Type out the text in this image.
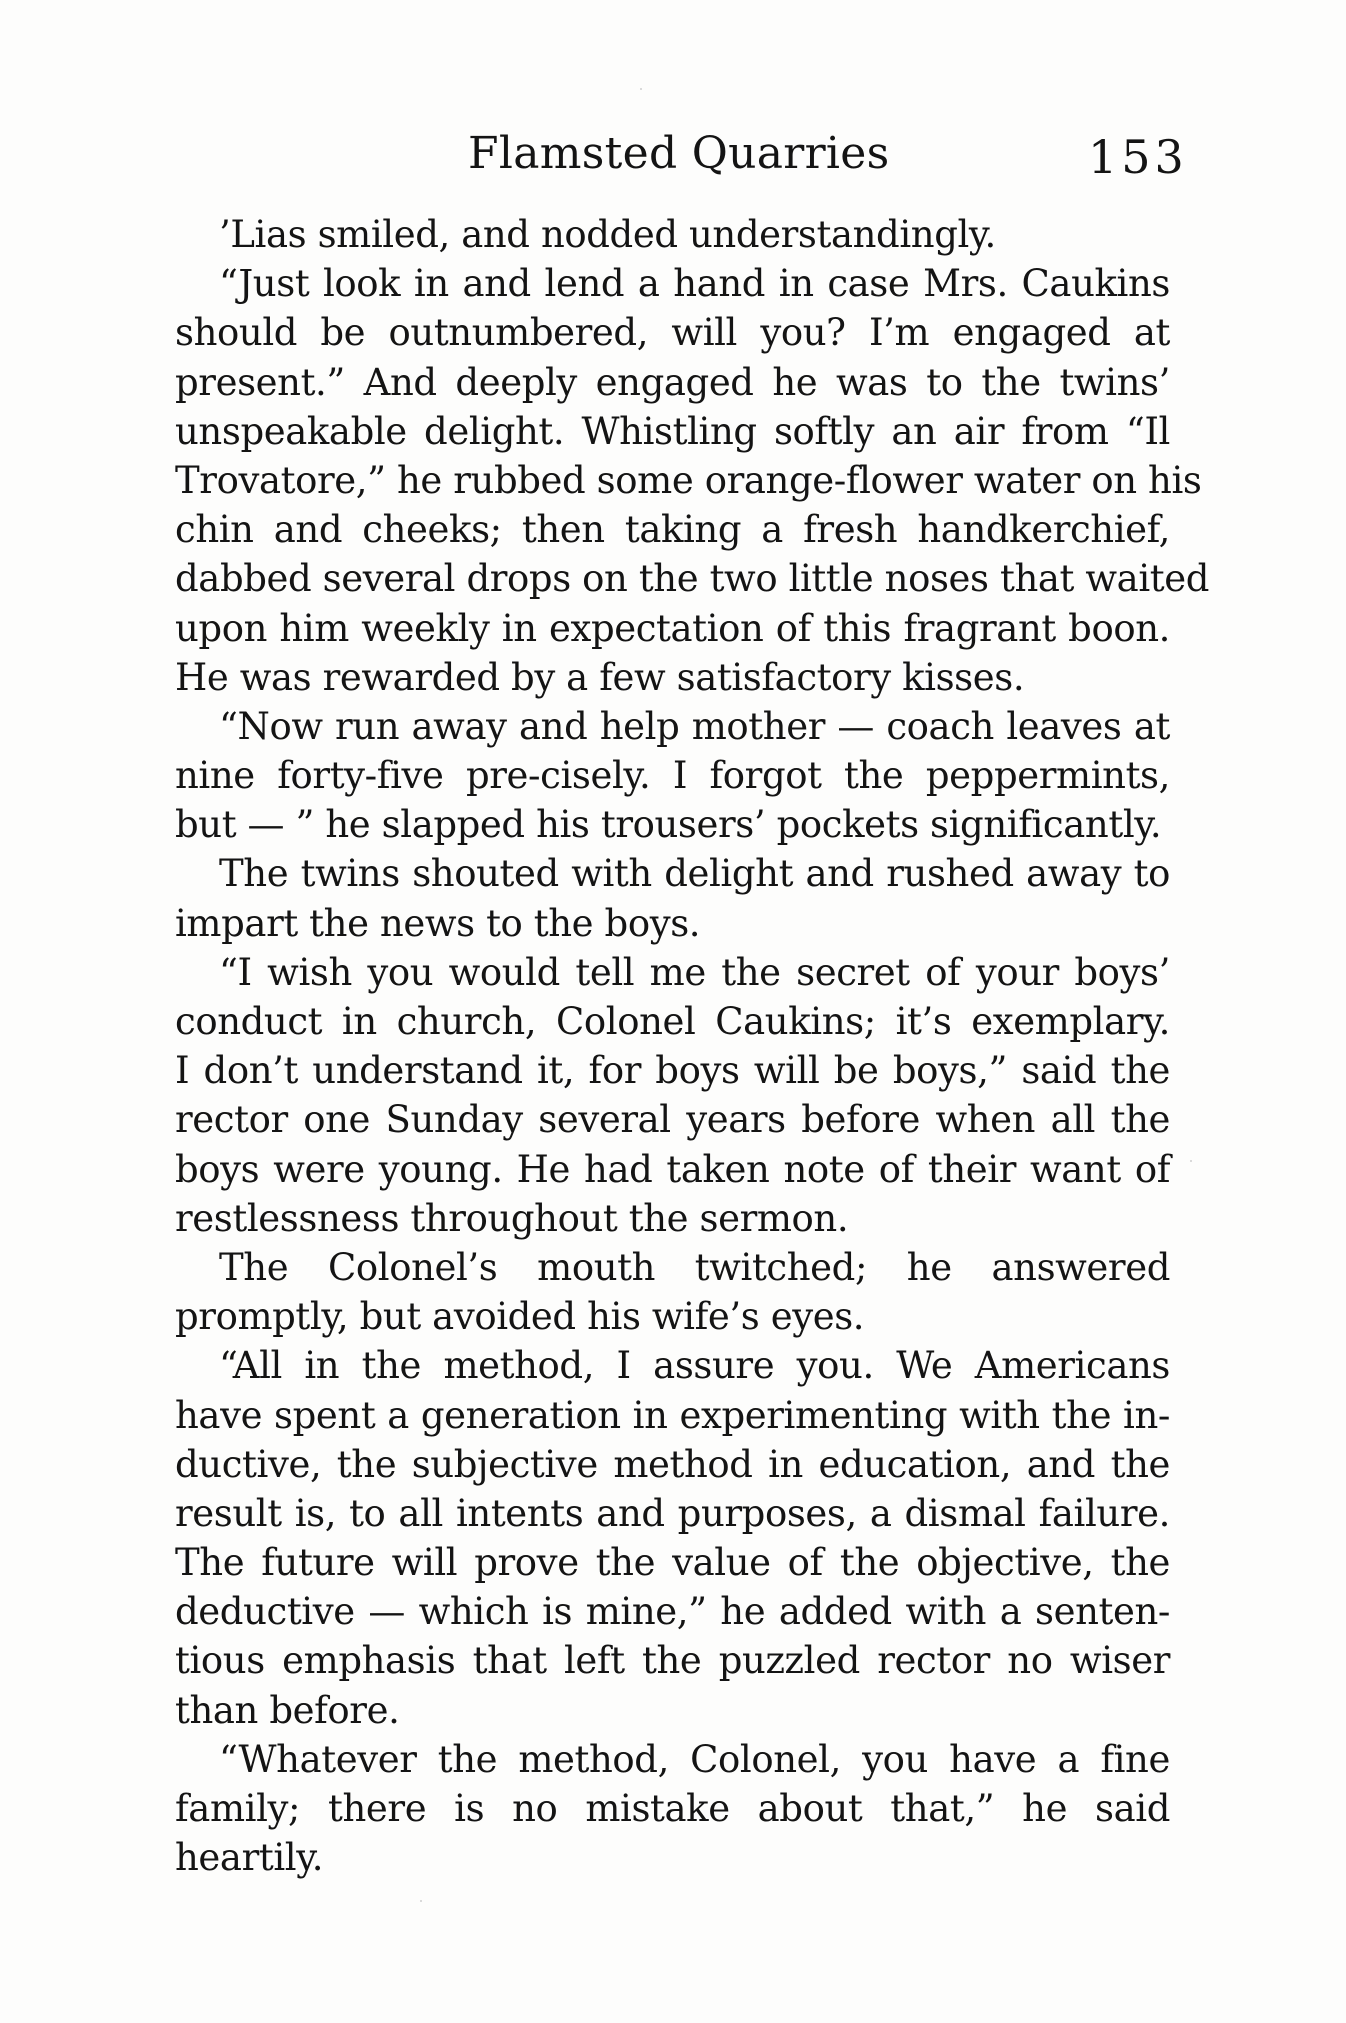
Flamsted Quarries	153
’Lias smiled, and nodded understandingly.
“Just look in and lend a hand in case Mrs. Caukins
should be outnumbered, will you? I’m engaged at
present.” And deeply engaged he was to the twins’
unspeakable delight. Whistling softly an air from “Il
Trovatore,” he rubbed some orange-flower water on his
chin and cheeks; then taking a fresh handkerchief,
dabbed several drops on the two little noses that waited
upon him weekly in expectation of this fragrant boon.
He was rewarded by a few satisfactory kisses.
“Now run away and help mother — coach leaves at
nine forty-five pre-cisely. I forgot the peppermints,
but — ” he slapped his trousers’ pockets significantly.
The twins shouted with delight and rushed away to
impart the news to the boys.
“I wish you would tell me the secret of your boys’
conduct in church, Colonel Caukins; it’s exemplary.
I don’t understand it, for boys will be boys,” said the
rector one Sunday several years before when all the
boys were young. He had taken note of their want of
restlessness throughout the sermon.
The Colonel’s mouth twitched; he answered
promptly, but avoided his wife’s eyes.
“All in the method, I assure you. We Americans
have spent a generation in experimenting with the in-
ductive, the subjective method in education, and the
result is, to all intents and purposes, a dismal failure.
The future will prove the value of the objective, the
deductive — which is mine,” he added with a senten-
tious emphasis that left the puzzled rector no wiser
than before.
“Whatever the method, Colonel, you have a fine
family; there is no mistake about that,” he said
heartily.
